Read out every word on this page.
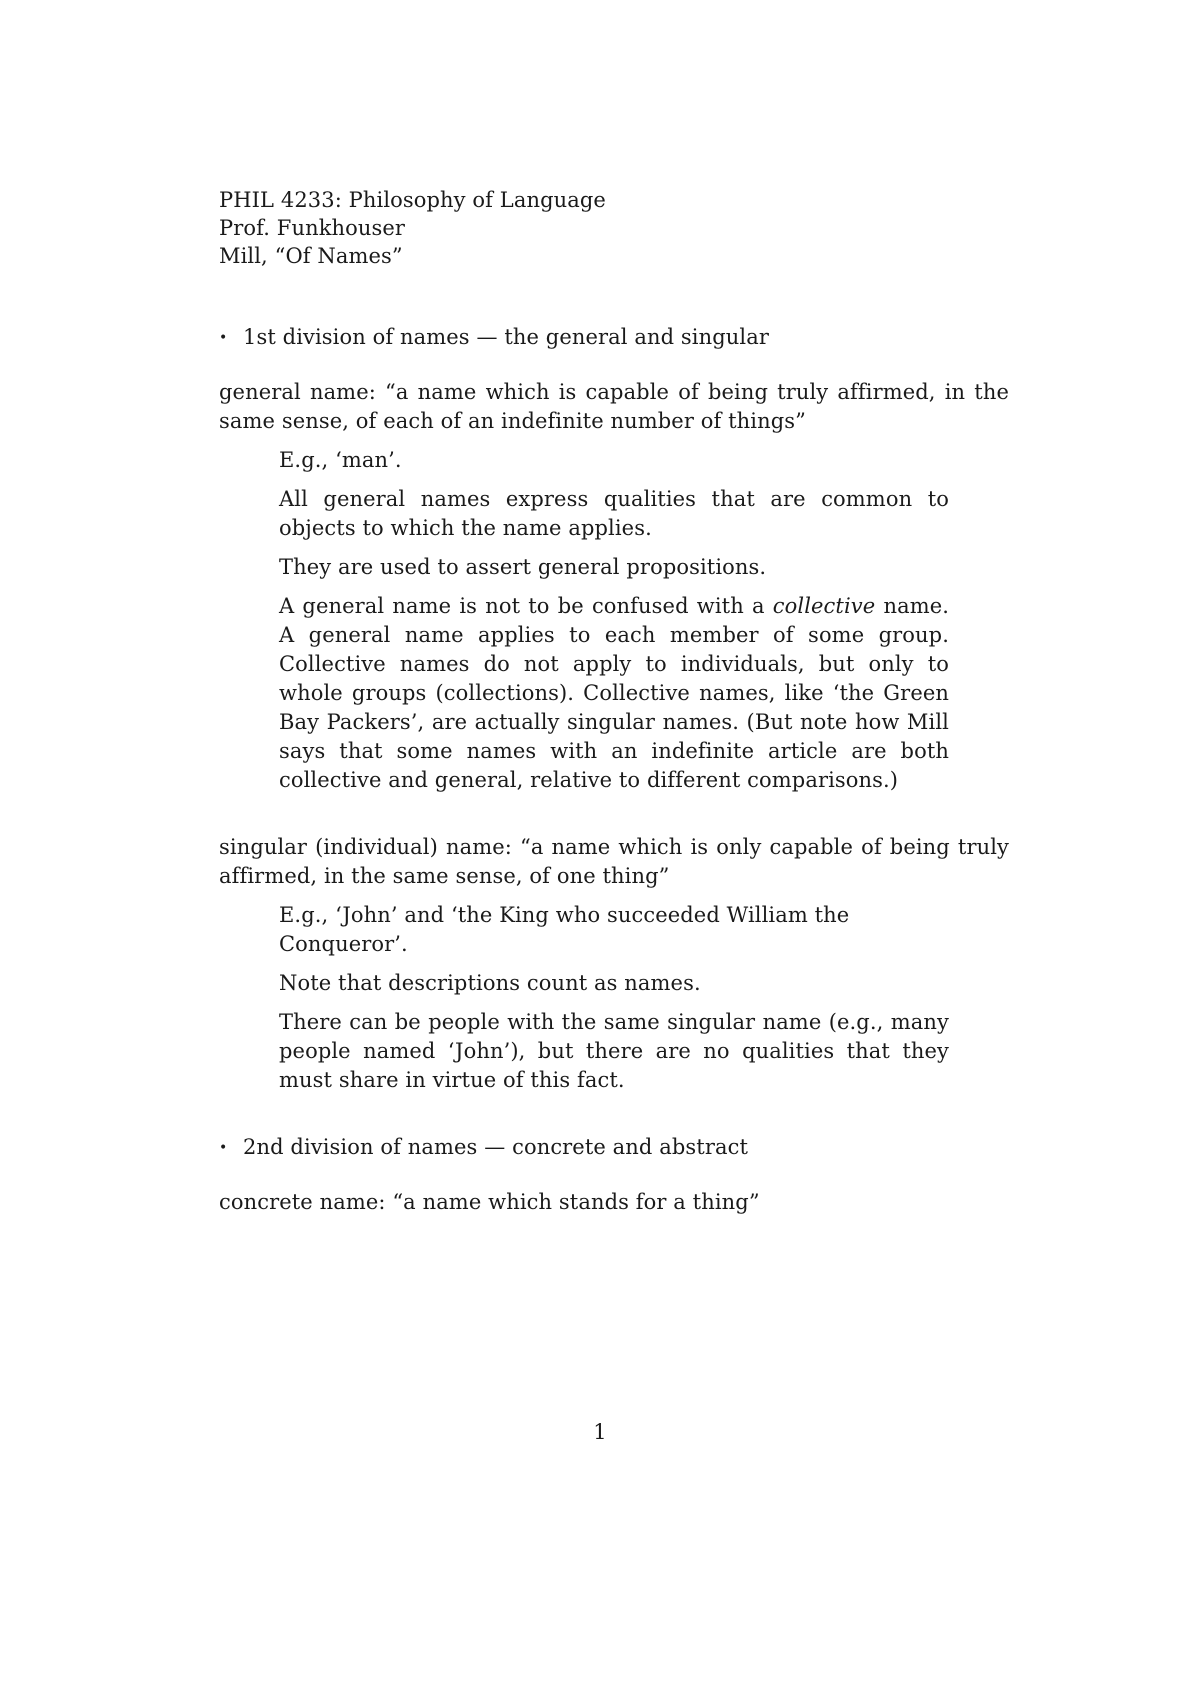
PHIL 4233: Philosophy of Language
Prof. Funkhouser
Mill, “Of Names”
• 1st division of names — the general and singular

general name: “a name which is capable of being truly affirmed, in the same sense, of each of an indefinite number of things”

E.g., ‘man’.

All general names express qualities that are common to objects to which the name applies.

They are used to assert general propositions.

A general name is not to be confused with a collective name. A general name applies to each member of some group. Collective names do not apply to individuals, but only to whole groups (collections). Collective names, like ‘the Green Bay Packers’, are actually singular names. (But note how Mill says that some names with an indefinite article are both collective and general, relative to different comparisons.)

singular (individual) name: “a name which is only capable of being truly affirmed, in the same sense, of one thing”

E.g., ‘John’ and ‘the King who succeeded William the Conqueror’.

Note that descriptions count as names.

There can be people with the same singular name (e.g., many people named ‘John’), but there are no qualities that they must share in virtue of this fact.

• 2nd division of names — concrete and abstract

concrete name: “a name which stands for a thing”

1
